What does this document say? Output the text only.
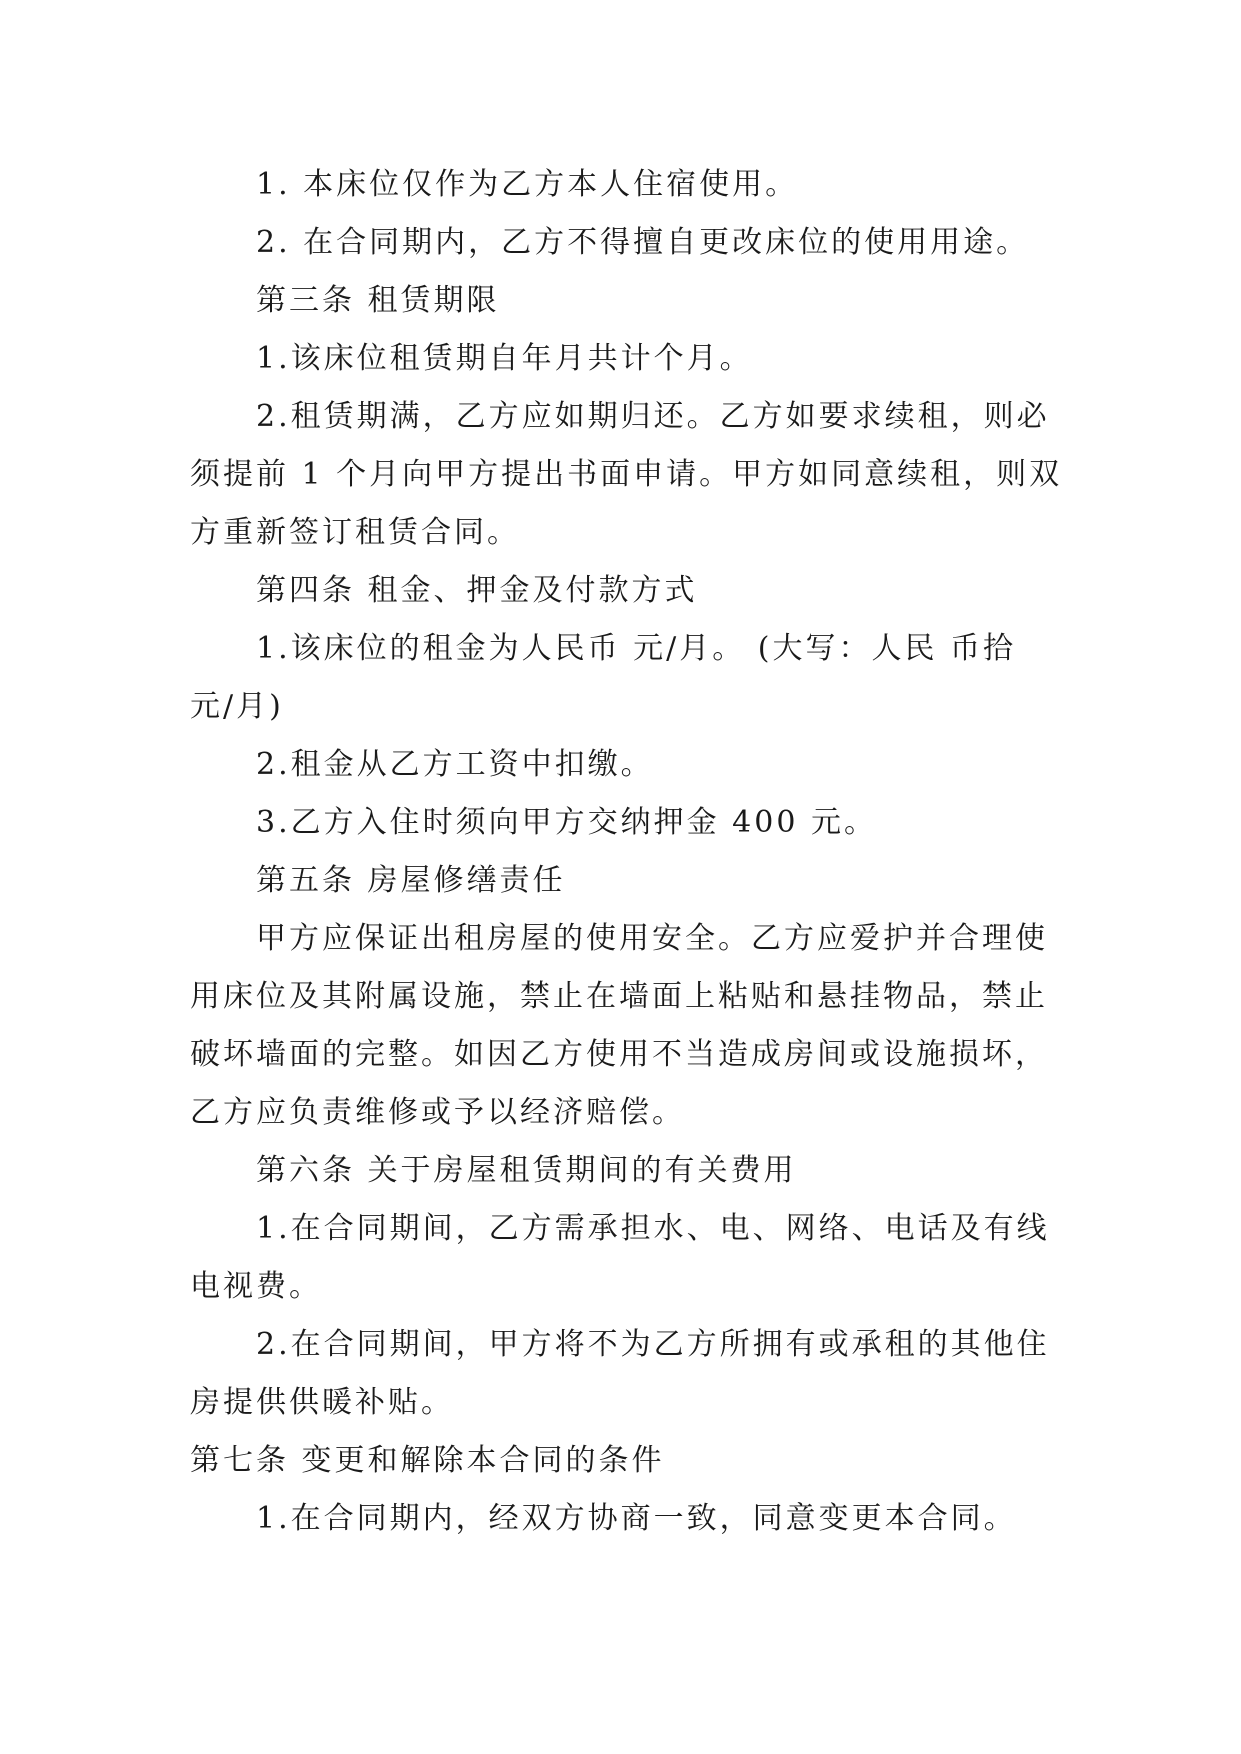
1. 本床位仅作为乙方本人住宿使用。
2. 在合同期内，乙方不得擅自更改床位的使用用途。
第三条 租赁期限
1.该床位租赁期自年月共计个月。
2.租赁期满，乙方应如期归还。乙方如要求续租，则必
须提前 1 个月向甲方提出书面申请。甲方如同意续租，则双
方重新签订租赁合同。
第四条 租金、押金及付款方式
1.该床位的租金为人民币 元/月。 (大写：人民 币拾
元/月)
2.租金从乙方工资中扣缴。
3.乙方入住时须向甲方交纳押金 400 元。
第五条 房屋修缮责任
甲方应保证出租房屋的使用安全。乙方应爱护并合理使
用床位及其附属设施，禁止在墙面上粘贴和悬挂物品，禁止
破坏墙面的完整。如因乙方使用不当造成房间或设施损坏，
乙方应负责维修或予以经济赔偿。
第六条 关于房屋租赁期间的有关费用
1.在合同期间，乙方需承担水、电、网络、电话及有线
电视费。
2.在合同期间，甲方将不为乙方所拥有或承租的其他住
房提供供暖补贴。
第七条 变更和解除本合同的条件
1.在合同期内，经双方协商一致，同意变更本合同。
